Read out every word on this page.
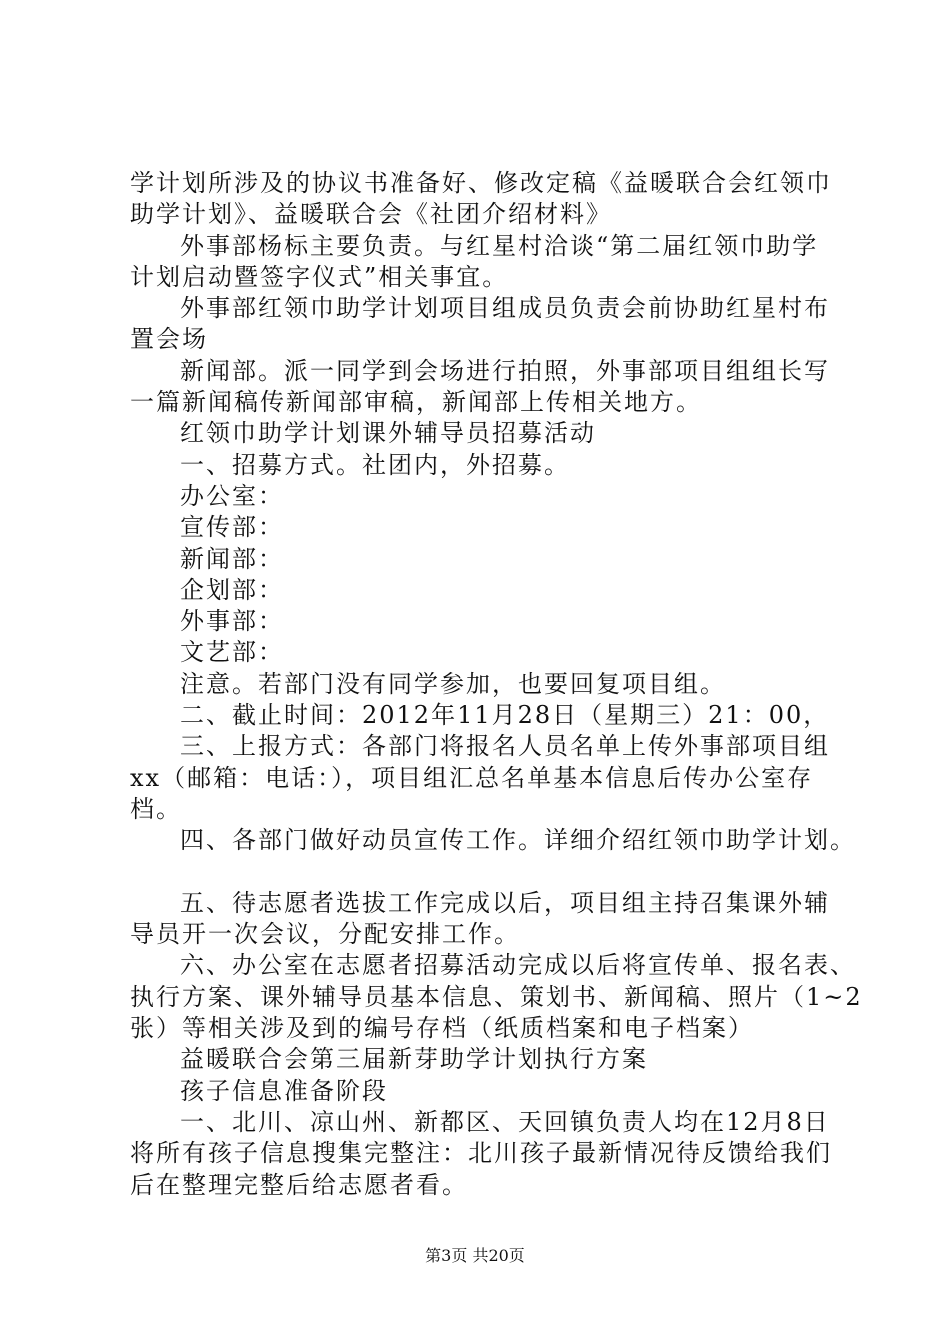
学计划所涉及的协议书准备好、修改定稿《益暖联合会红领巾
助学计划》、益暖联合会《社团介绍材料》
外事部杨标主要负责。与红星村洽谈“第二届红领巾助学
计划启动暨签字仪式”相关事宜。
外事部红领巾助学计划项目组成员负责会前协助红星村布
置会场
新闻部。派一同学到会场进行拍照，外事部项目组组长写
一篇新闻稿传新闻部审稿，新闻部上传相关地方。
红领巾助学计划课外辅导员招募活动
一、招募方式。社团内，外招募。
办公室：
宣传部：
新闻部：
企划部：
外事部：
文艺部：
注意。若部门没有同学参加，也要回复项目组。
二、截止时间：2012年11月28日（星期三）21：00，
三、上报方式：各部门将报名人员名单上传外事部项目组
xx（邮箱：电话：），项目组汇总名单基本信息后传办公室存
档。
四、各部门做好动员宣传工作。详细介绍红领巾助学计划。
五、待志愿者选拔工作完成以后，项目组主持召集课外辅
导员开一次会议，分配安排工作。
六、办公室在志愿者招募活动完成以后将宣传单、报名表、
执行方案、课外辅导员基本信息、策划书、新闻稿、照片（1~2
张）等相关涉及到的编号存档（纸质档案和电子档案）
益暖联合会第三届新芽助学计划执行方案
孩子信息准备阶段
一、北川、凉山州、新都区、天回镇负责人均在12月8日
将所有孩子信息搜集完整注：北川孩子最新情况待反馈给我们
后在整理完整后给志愿者看。
第3页 共20页
